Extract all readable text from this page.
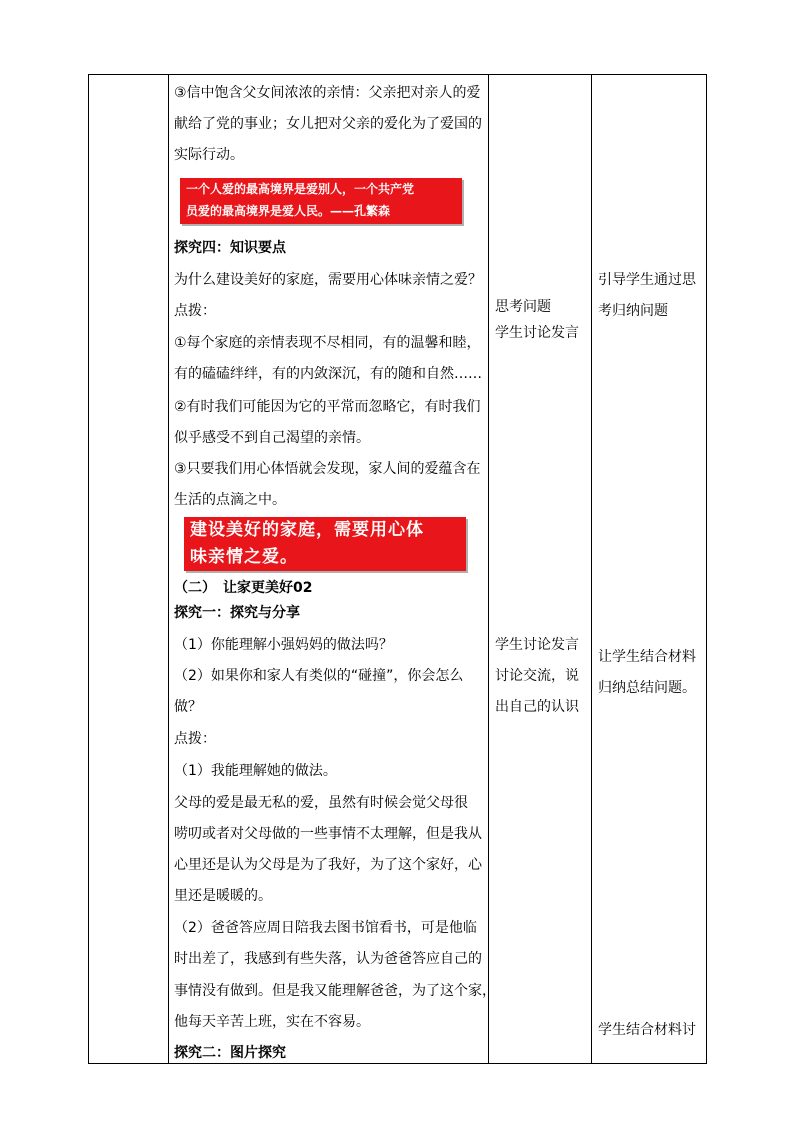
③信中饱含父女间浓浓的亲情：父亲把对亲人的爱
献给了党的事业；女儿把对父亲的爱化为了爱国的
实际行动。
一个人爱的最高境界是爱别人，一个共产党
员爱的最高境界是爱人民。——孔繁森
探究四：知识要点
为什么建设美好的家庭，需要用心体味亲情之爱？
点拨：
①每个家庭的亲情表现不尽相同，有的温馨和睦，
有的磕磕绊绊，有的内敛深沉，有的随和自然……
②有时我们可能因为它的平常而忽略它，有时我们
似乎感受不到自己渴望的亲情。
③只要我们用心体悟就会发现，家人间的爱蕴含在
生活的点滴之中。
建设美好的家庭，需要用心体
味亲情之爱。
（二）　让家更美好02
探究一：探究与分享
（1）你能理解小强妈妈的做法吗？
（2）如果你和家人有类似的“碰撞”，你会怎么
做？
点拨：
（1）我能理解她的做法。
父母的爱是最无私的爱，虽然有时候会觉父母很
唠叨或者对父母做的一些事情不太理解，但是我从
心里还是认为父母是为了我好，为了这个家好，心
里还是暖暖的。
（2）爸爸答应周日陪我去图书馆看书，可是他临
时出差了，我感到有些失落，认为爸爸答应自己的
事情没有做到。但是我又能理解爸爸，为了这个家，
他每天辛苦上班，实在不容易。
探究二：图片探究
思考问题
学生讨论发言
学生讨论发言
讨论交流，说
出自己的认识
引导学生通过思
考归纳问题
让学生结合材料
归纳总结问题。
学生结合材料讨
